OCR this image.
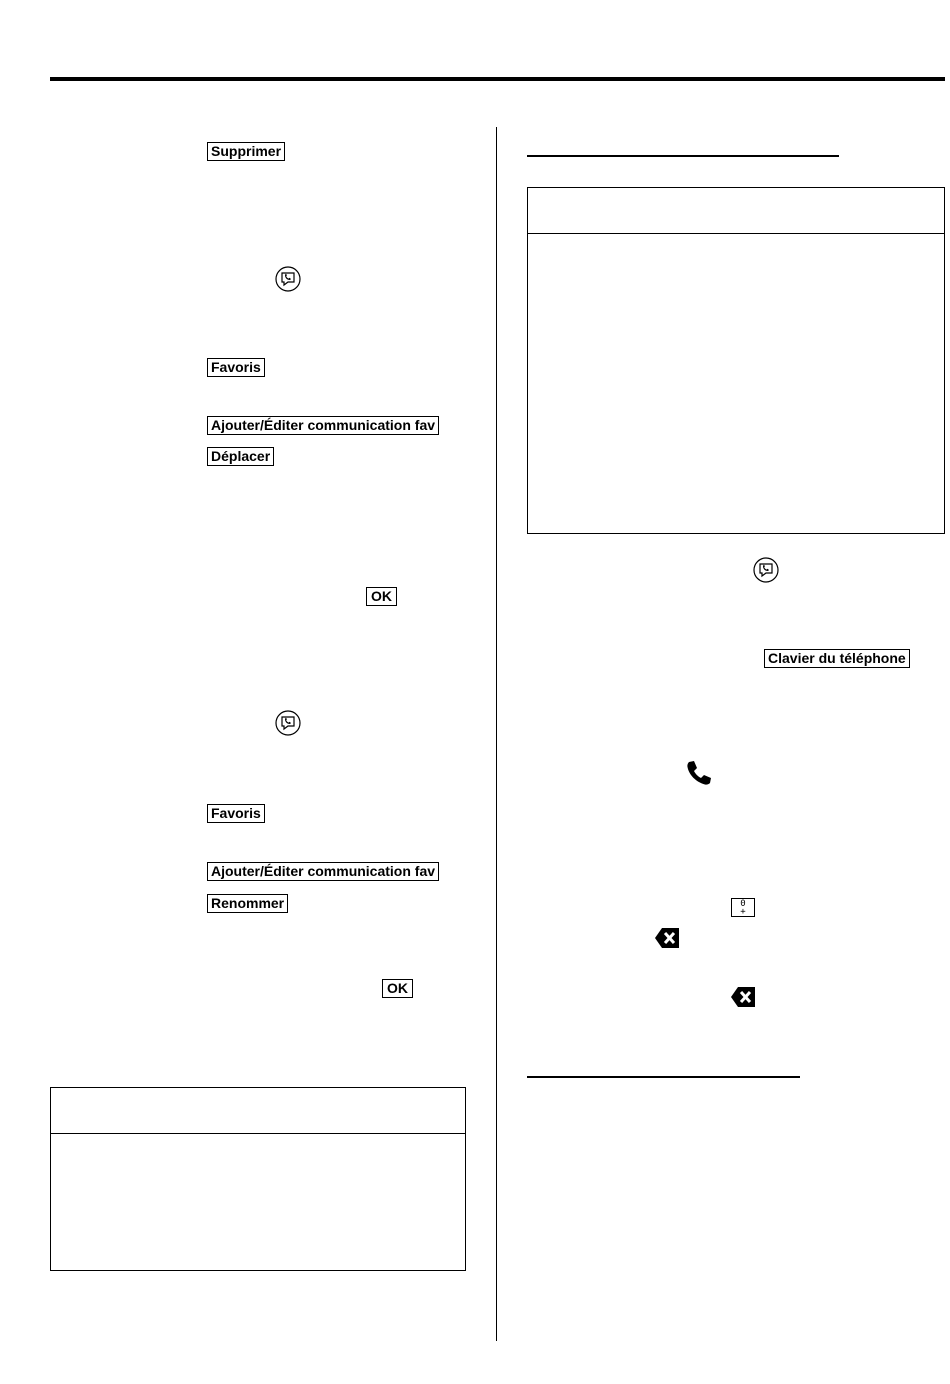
Supprimer
Favoris
Ajouter/Éditer communication fav
Déplacer
OK
Favoris
Ajouter/Éditer communication fav
Renommer
OK
Clavier du téléphone
0
+
